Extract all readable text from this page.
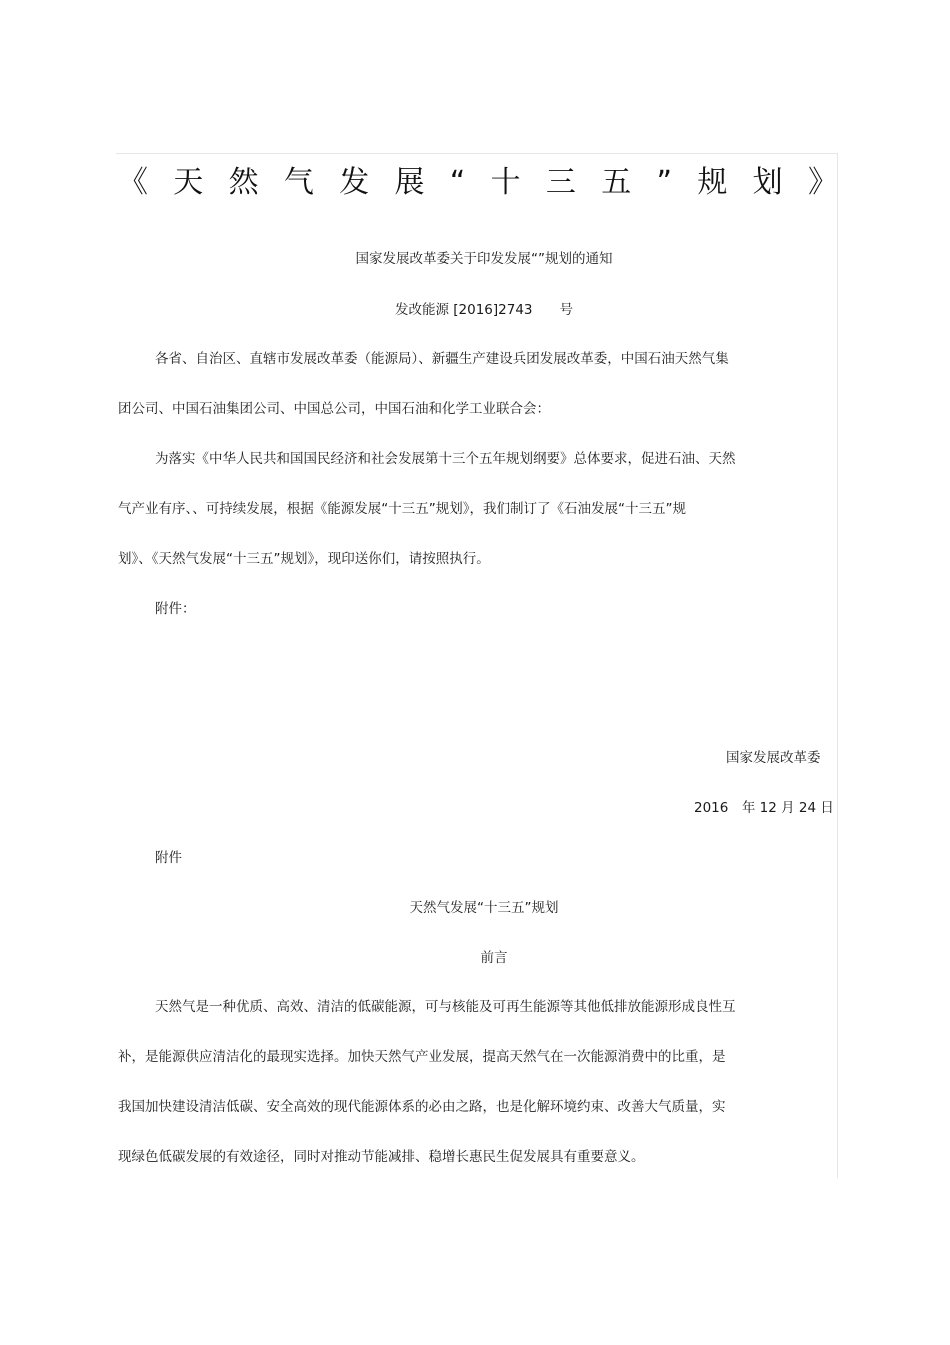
《 天 然 气 发 展 “ 十 三 五 ” 规 划 》
国家发展改革委关于印发发展“”规划的通知
发改能源 [2016]2743　　号
各省、自治区、直辖市发展改革委（能源局）、新疆生产建设兵团发展改革委，中国石油天然气集
团公司、中国石油集团公司、中国总公司，中国石油和化学工业联合会：
为落实《中华人民共和国国民经济和社会发展第十三个五年规划纲要》总体要求，促进石油、天然
气产业有序、、可持续发展，根据《能源发展“十三五”规划》，我们制订了《石油发展“十三五”规
划》、《天然气发展“十三五”规划》，现印送你们，请按照执行。
附件：
国家发展改革委
2016　年 12 月 24 日
附件
天然气发展“十三五”规划
前言
天然气是一种优质、高效、清洁的低碳能源，可与核能及可再生能源等其他低排放能源形成良性互
补，是能源供应清洁化的最现实选择。加快天然气产业发展，提高天然气在一次能源消费中的比重，是
我国加快建设清洁低碳、安全高效的现代能源体系的必由之路，也是化解环境约束、改善大气质量，实
现绿色低碳发展的有效途径，同时对推动节能减排、稳增长惠民生促发展具有重要意义。
